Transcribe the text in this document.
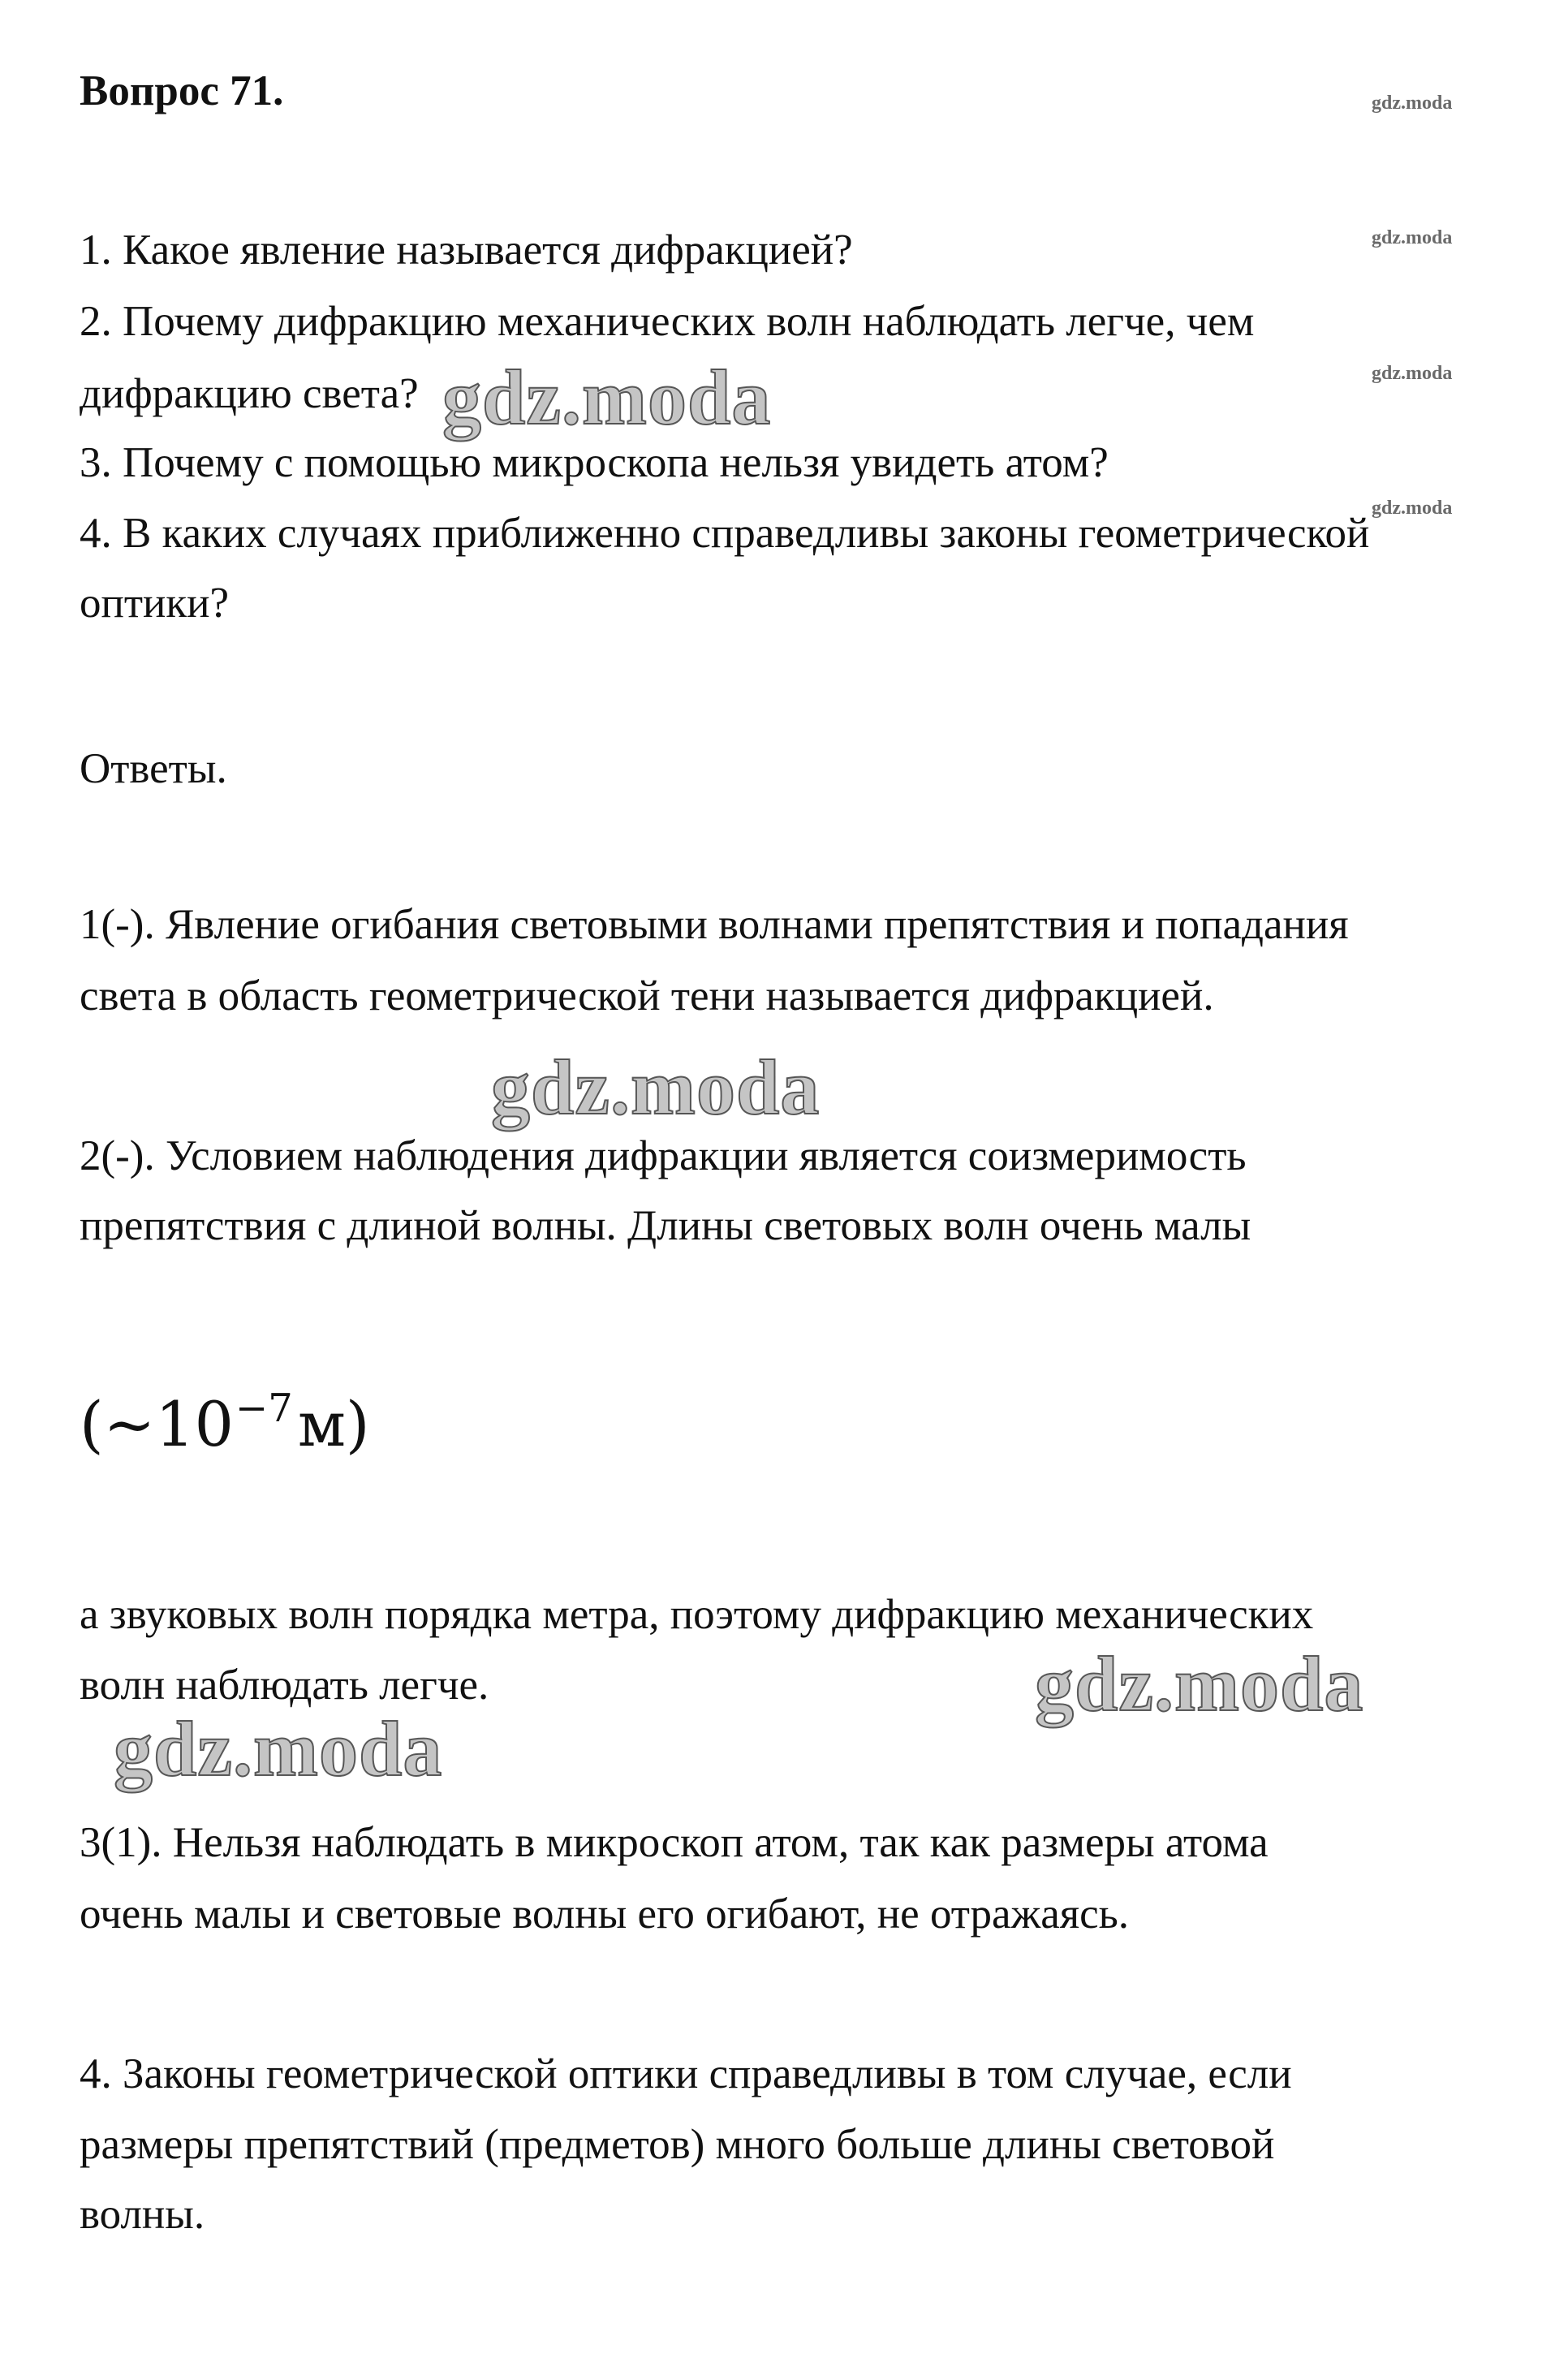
Вопрос 71.
1. Какое явление называется дифракцией?
2. Почему дифракцию механических волн наблюдать легче, чем
дифракцию света?
3. Почему с помощью микроскопа нельзя увидеть атом?
4. В каких случаях приближенно справедливы законы геометрической
оптики?
Ответы.
1(-). Явление огибания световыми волнами препятствия и попадания
света в область геометрической тени называется дифракцией.
2(-). Условием наблюдения дифракции является соизмеримость
препятствия с длиной волны. Длины световых волн очень малы
$(\sim 10^{-7}м)$
а звуковых волн порядка метра, поэтому дифракцию механических
волн наблюдать легче.
3(1). Нельзя наблюдать в микроскоп атом, так как размеры атома
очень малы и световые волны его огибают, не отражаясь.
4. Законы геометрической оптики справедливы в том случае, если
размеры препятствий (предметов) много больше длины световой
волны.
gdz.moda
gdz.moda
gdz.moda
gdz.moda
gdz.moda
gdz.moda
gdz.moda
gdz.moda
